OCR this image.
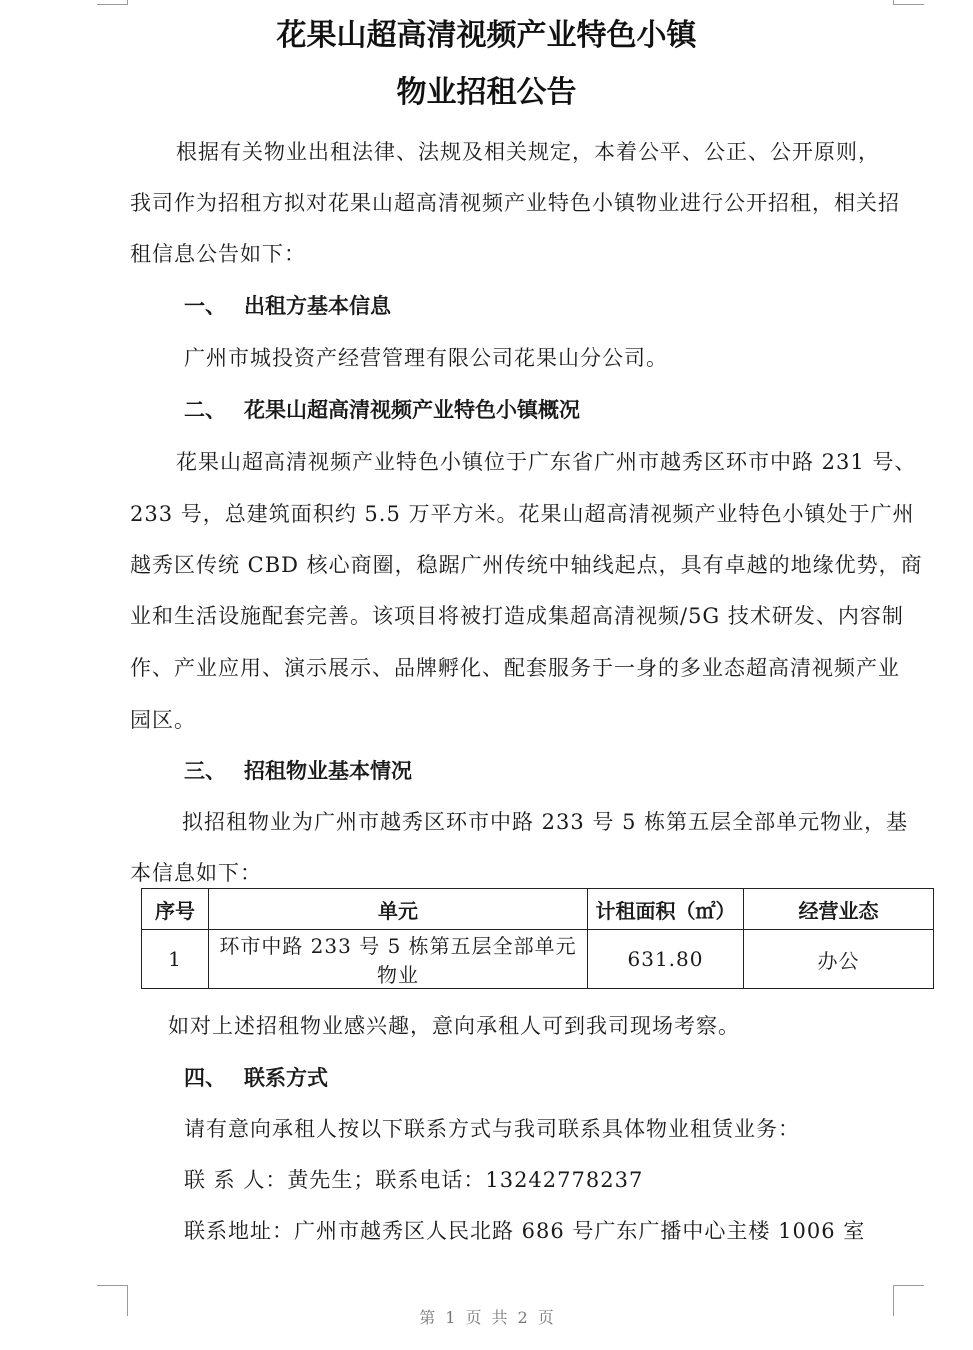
花果山超高清视频产业特色小镇
物业招租公告
根据有关物业出租法律、法规及相关规定，本着公平、公正、公开原则，
我司作为招租方拟对花果山超高清视频产业特色小镇物业进行公开招租，相关招
租信息公告如下：
一、 出租方基本信息
广州市城投资产经营管理有限公司花果山分公司。
二、 花果山超高清视频产业特色小镇概况
花果山超高清视频产业特色小镇位于广东省广州市越秀区环市中路 231 号、
233 号，总建筑面积约 5.5 万平方米。花果山超高清视频产业特色小镇处于广州
越秀区传统 CBD 核心商圈，稳踞广州传统中轴线起点，具有卓越的地缘优势，商
业和生活设施配套完善。该项目将被打造成集超高清视频/5G 技术研发、内容制
作、产业应用、演示展示、品牌孵化、配套服务于一身的多业态超高清视频产业
园区。
三、 招租物业基本情况
拟招租物业为广州市越秀区环市中路 233 号 5 栋第五层全部单元物业，基
本信息如下：
序号	单元	计租面积（㎡）	经营业态
1	环市中路 233 号 5 栋第五层全部单元
物业	631.80	办公
如对上述招租物业感兴趣，意向承租人可到我司现场考察。
四、 联系方式
请有意向承租人按以下联系方式与我司联系具体物业租赁业务：
联 系 人：黄先生；联系电话：13242778237
联系地址：广州市越秀区人民北路 686 号广东广播中心主楼 1006 室
第 1 页 共 2 页
